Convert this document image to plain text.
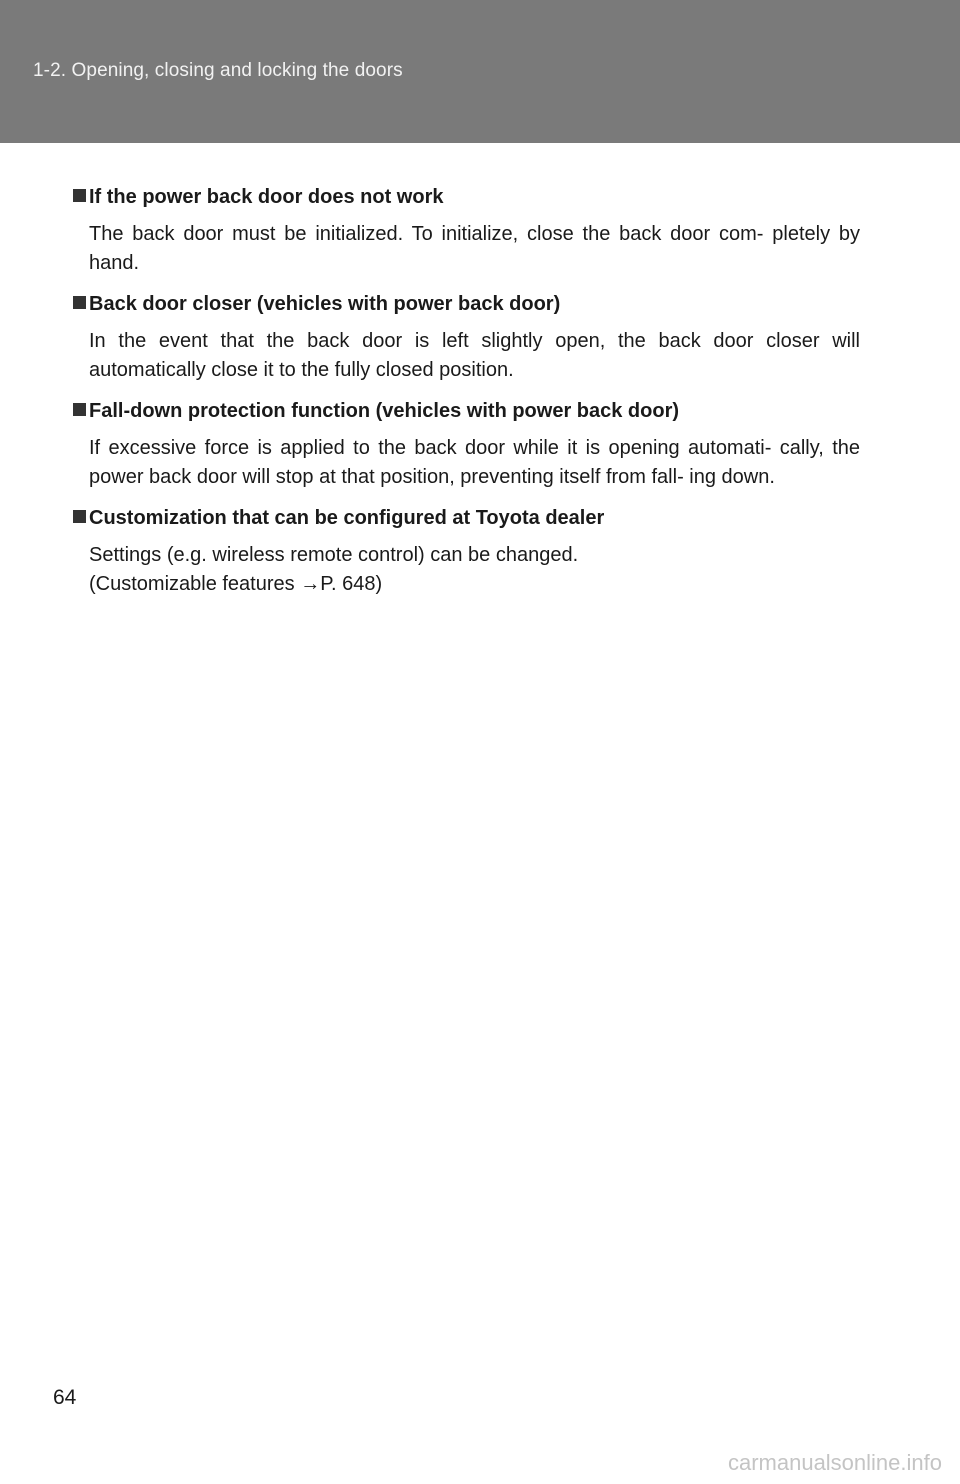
1-2. Opening, closing and locking the doors
If the power back door does not work
The back door must be initialized. To initialize, close the back door com- pletely by hand.
Back door closer (vehicles with power back door)
In the event that the back door is left slightly open, the back door closer will automatically close it to the fully closed position.
Fall-down protection function (vehicles with power back door)
If excessive force is applied to the back door while it is opening automati- cally, the power back door will stop at that position, preventing itself from fall- ing down.
Customization that can be configured at Toyota dealer
Settings (e.g. wireless remote control) can be changed.
(Customizable features →P. 648)
64
carmanualsonline.info
